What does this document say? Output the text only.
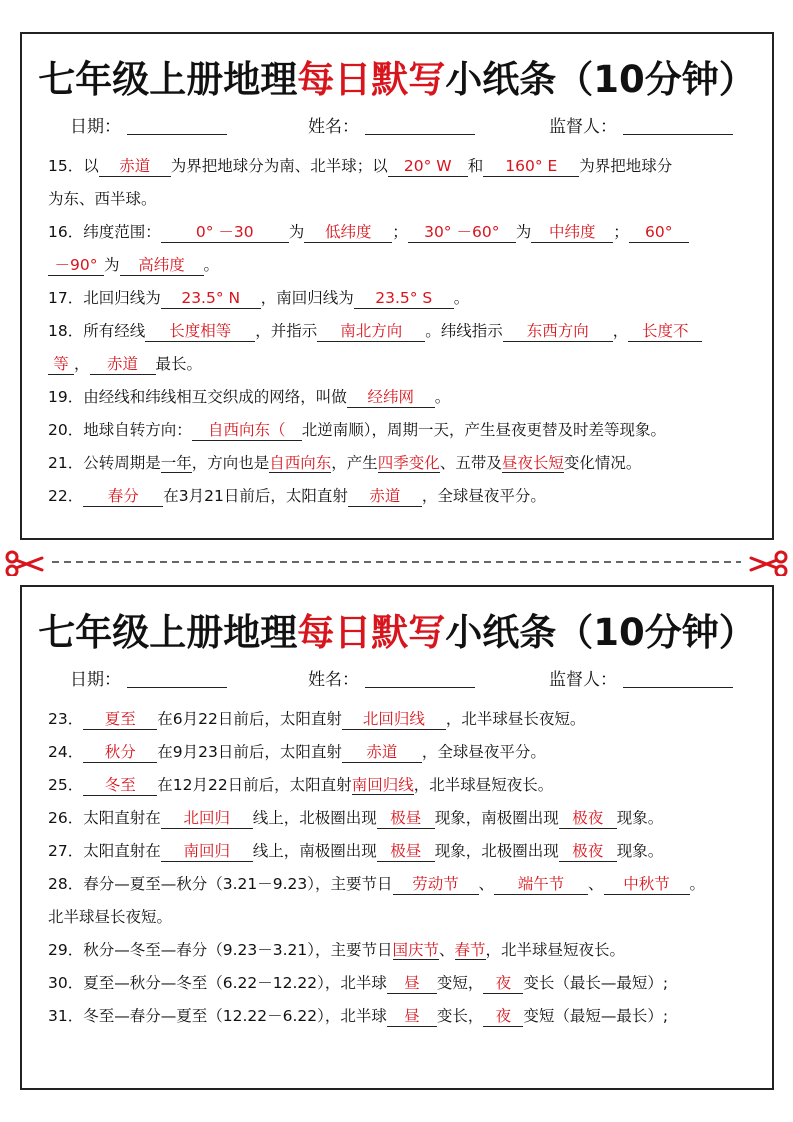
七年级上册地理每日默写小纸条（10分钟）
日期：	姓名：	监督人：
15．以 赤道 为界把地球分为南、北半球；以 20° W 和 160° E 为界把地球分
为东、西半球。
16．纬度范围： 0° －30 为 低纬度 ； 30° －60° 为 中纬度 ； 60°
－90° 为 高纬度 。
17．北回归线为 23.5° N ，南回归线为 23.5° S 。
18．所有经线 长度相等 ，并指示 南北方向 。纬线指示 东西方向 ， 长度不
等 ， 赤道 最长。
19．由经线和纬线相互交织成的网络，叫做 经纬网 。
20．地球自转方向： 自西向东（ 北逆南顺），周期一天，产生昼夜更替及时差等现象。
21．公转周期是一年，方向也是自西向东，产生四季变化、五带及昼夜长短变化情况。
22． 春分 在3月21日前后，太阳直射 赤道 ，全球昼夜平分。
七年级上册地理每日默写小纸条（10分钟）
日期：	姓名：	监督人：
23． 夏至 在6月22日前后，太阳直射 北回归线 ，北半球昼长夜短。
24． 秋分 在9月23日前后，太阳直射 赤道 ，全球昼夜平分。
25． 冬至 在12月22日前后，太阳直射南回归线，北半球昼短夜长。
26．太阳直射在 北回归 线上，北极圈出现 极昼 现象，南极圈出现 极夜 现象。
27．太阳直射在 南回归 线上，南极圈出现 极昼 现象，北极圈出现 极夜 现象。
28．春分—夏至—秋分（3.21－9.23），主要节日 劳动节 、 端午节 、 中秋节 。
北半球昼长夜短。
29．秋分—冬至—春分（9.23－3.21），主要节日国庆节、春节，北半球昼短夜长。
30．夏至—秋分—冬至（6.22－12.22），北半球 昼 变短， 夜 变长（最长—最短）;
31．冬至—春分—夏至（12.22－6.22），北半球 昼 变长， 夜 变短（最短—最长）;
